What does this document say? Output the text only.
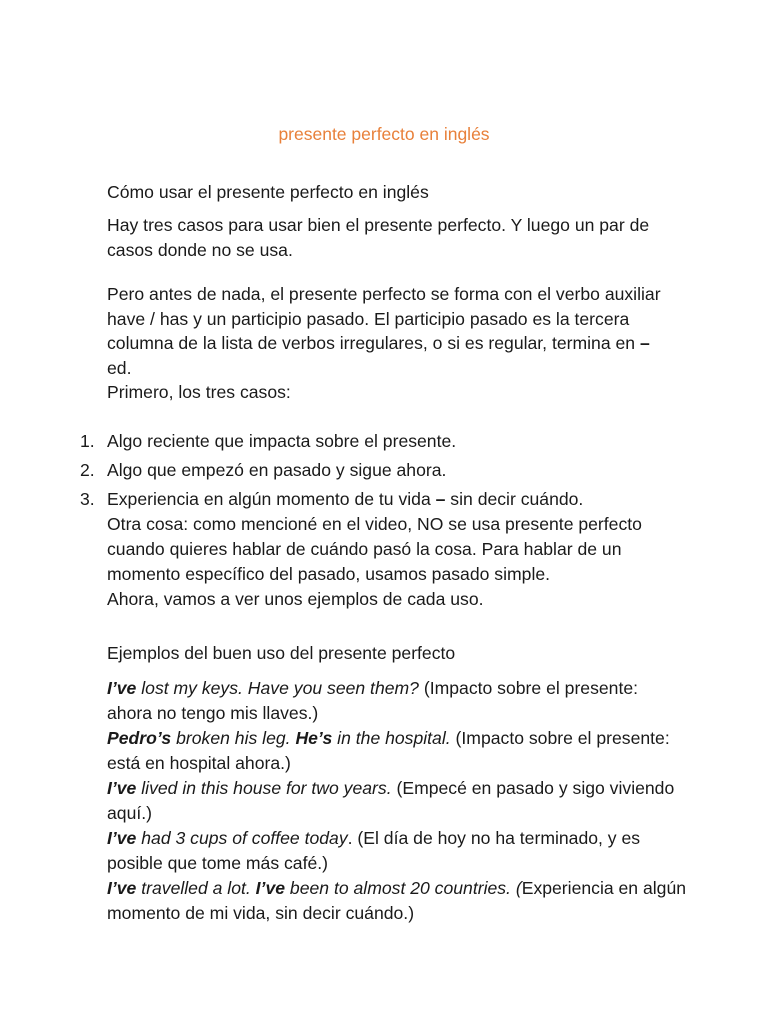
presente perfecto en inglés

Cómo usar el presente perfecto en inglés

Hay tres casos para usar bien el presente perfecto. Y luego un par de casos donde no se usa.

Pero antes de nada, el presente perfecto se forma con el verbo auxiliar have / has y un participio pasado. El participio pasado es la tercera columna de la lista de verbos irregulares, o si es regular, termina en –
ed.
Primero, los tres casos:

1. Algo reciente que impacta sobre el presente.
2. Algo que empezó en pasado y sigue ahora.
3. Experiencia en algún momento de tu vida – sin decir cuándo.

Otra cosa: como mencioné en el video, NO se usa presente perfecto
cuando quieres hablar de cuándo pasó la cosa. Para hablar de un
momento específico del pasado, usamos pasado simple.
Ahora, vamos a ver unos ejemplos de cada uso.

Ejemplos del buen uso del presente perfecto

I’ve lost my keys. Have you seen them? (Impacto sobre el presente: ahora no tengo mis llaves.)
Pedro’s broken his leg. He’s in the hospital. (Impacto sobre el presente: está en hospital ahora.)
I’ve lived in this house for two years. (Empecé en pasado y sigo viviendo aquí.)
I’ve had 3 cups of coffee today. (El día de hoy no ha terminado, y es posible que tome más café.)
I’ve travelled a lot. I’ve been to almost 20 countries. (Experiencia en algún momento de mi vida, sin decir cuándo.)
